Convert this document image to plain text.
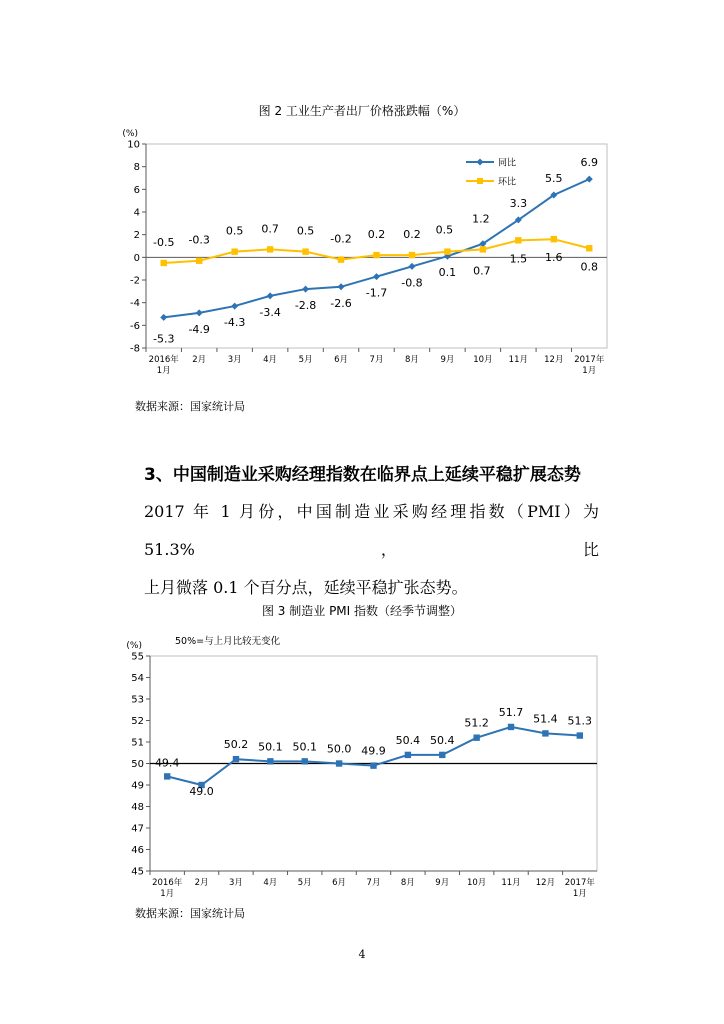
图 2 工业生产者出厂价格涨跌幅（%）
(%)
-8
-6
-4
-2
0
2
4
6
8
10
2016年
1月
2月	3月	4月	5月	6月	7月	8月	9月 10月 11月 12月 2017年
1月
-5.3
-4.9
-4.3
-3.4
-2.8 -2.6
-1.7
-0.8
0.1
1.2
3.3
5.5
6.9
-0.5 -0.3
0.5 0.7 0.5
-0.2 0.2 0.2 0.5
0.7
1.5 1.6
0.8
同比
环比
数据来源：国家统计局
3、中国制造业采购经理指数在临界点上延续平稳扩展态势
2017 年 1 月份，中国制造业采购经理指数（PMI）为 51.3%，比
上月微落 0.1 个百分点，延续平稳扩张态势。
图 3 制造业 PMI 指数（经季节调整）
(%)
45
46
47
48
49
50
51
52
53
54
55
2016年
1月
2月 3月 4月 5月 6月 7月 8月 9月 10月 11月 12月 2017年
1月
49.4
49.0
50.2 50.1 50.1 50.0 49.9
50.4 50.4
51.2
51.7 51.4 51.3
50%=与上月比较无变化
数据来源：国家统计局
4
